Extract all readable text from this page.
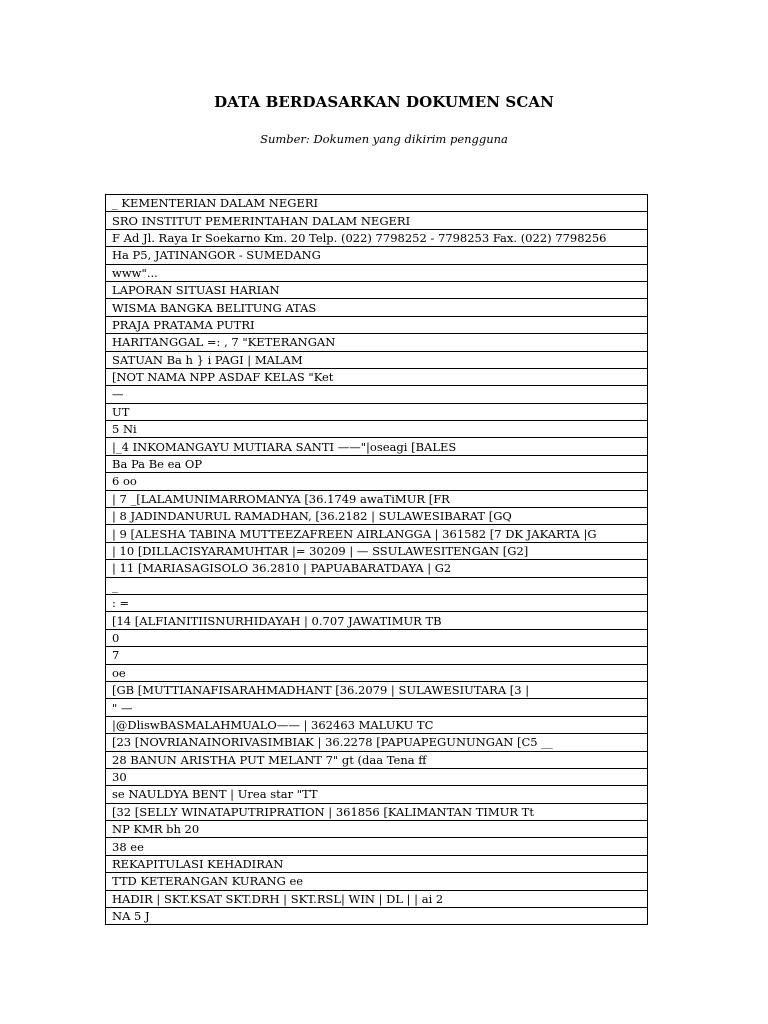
DATA BERDASARKAN DOKUMEN SCAN
Sumber: Dokumen yang dikirim pengguna
_ KEMENTERIAN DALAM NEGERI
SRO INSTITUT PEMERINTAHAN DALAM NEGERI
F Ad Jl. Raya Ir Soekarno Km. 20 Telp. (022) 7798252 - 7798253 Fax. (022) 7798256
Ha P5, JATINANGOR - SUMEDANG
www"...
LAPORAN SITUASI HARIAN
WISMA BANGKA BELITUNG ATAS
PRAJA PRATAMA PUTRI
HARITANGGAL =: , 7 "KETERANGAN
SATUAN Ba h } i PAGI | MALAM
[NOT NAMA NPP ASDAF KELAS "Ket
—
UT
5 Ni
|_4 INKOMANGAYU MUTIARA SANTI ——"|oseagi [BALES
Ba Pa Be ea OP
6 oo
| 7 _[LALAMUNIMARROMANYA [36.1749 awaTiMUR [FR
| 8 JADINDANURUL RAMADHAN, [36.2182 | SULAWESIBARAT [GQ
| 9 [ALESHA TABINA MUTTEEZAFREEN AIRLANGGA | 361582 [7 DK JAKARTA |G
| 10 [DILLACISYARAMUHTAR |= 30209 | — SSULAWESITENGAN [G2]
| 11 [MARIASAGISOLO 36.2810 | PAPUABARATDAYA | G2
_
: =
[14 [ALFIANITIISNURHIDAYAH | 0.707 JAWATIMUR TB
0
7
oe
[GB [MUTTIANAFISARAHMADHANT [36.2079 | SULAWESIUTARA [3 |
" —
|@DliswBASMALAHMUALO—— | 362463 MALUKU TC
[23 [NOVRIANAINORIVASIMBIAK | 36.2278 [PAPUAPEGUNUNGAN [C5 __
28 BANUN ARISTHA PUT MELANT 7" gt (daa Tena ff
30
se NAULDYA BENT | Urea star "TT
[32 [SELLY WINATAPUTRIPRATION | 361856 [KALIMANTAN TIMUR Tt
NP KMR bh 20
38 ee
REKAPITULASI KEHADIRAN
TTD KETERANGAN KURANG ee
HADIR | SKT.KSAT SKT.DRH | SKT.RSL| WIN | DL | | ai 2
NA 5 J
